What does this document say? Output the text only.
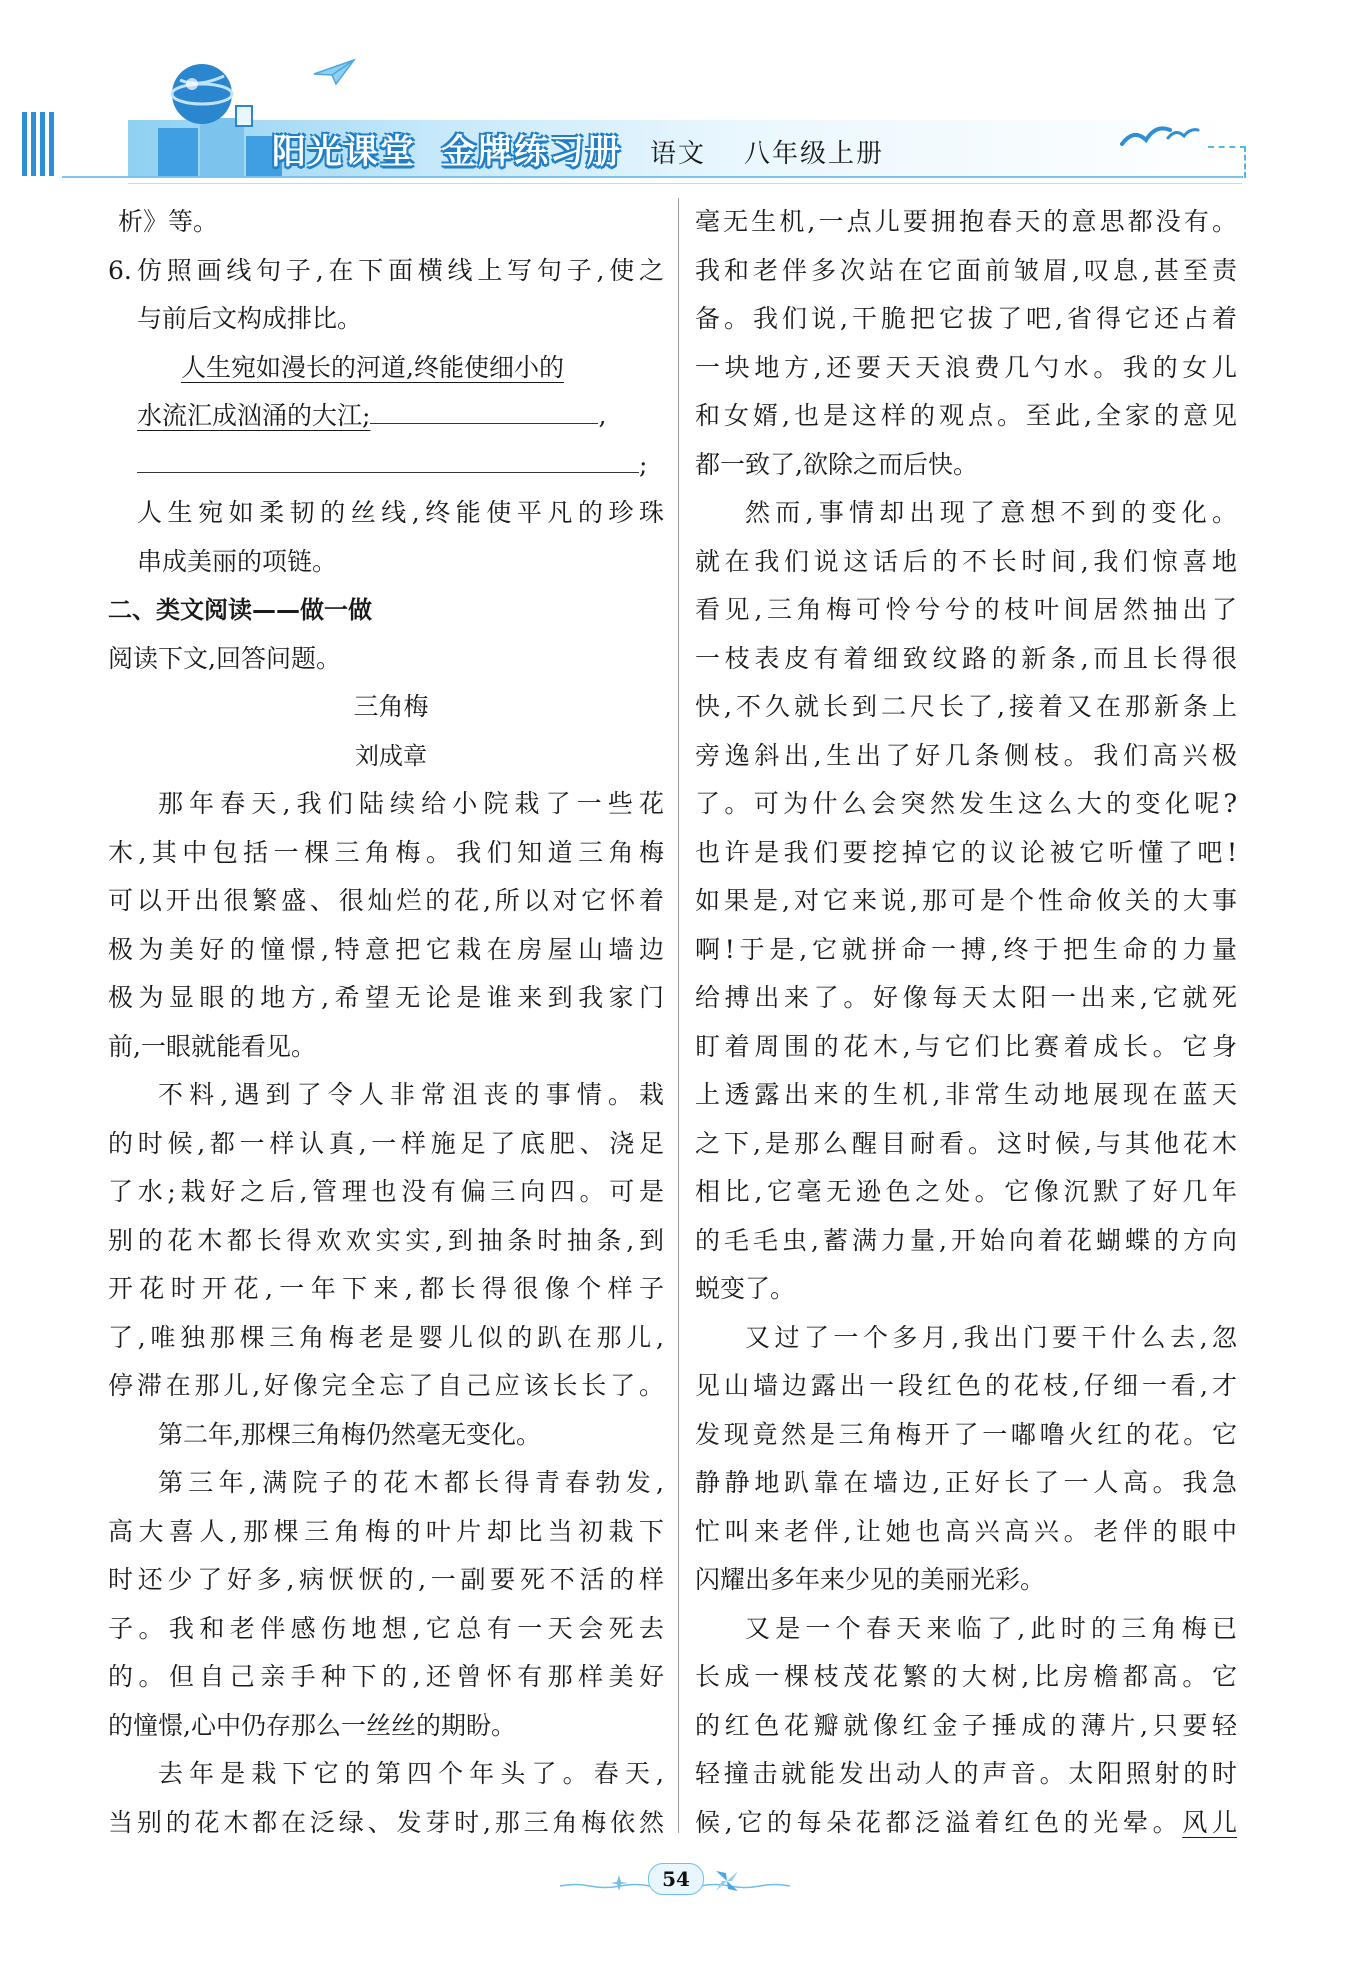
阳光课堂 金牌练习册 语文 八年级上册

析》等。

6. 仿照画线句子,在下面横线上写句子,使之

与前后文构成排比。

人生宛如漫长的河道,终能使细小的

水流汇成汹涌的大江;	,

;

人生宛如柔韧的丝线,终能使平凡的珍珠

串成美丽的项链。

二、类文阅读——做一做

阅读下文,回答问题。

三角梅

刘成章

那年春天,我们陆续给小院栽了一些花

木,其中包括一棵三角梅。我们知道三角梅

可以开出很繁盛、很灿烂的花,所以对它怀着

极为美好的憧憬,特意把它栽在房屋山墙边

极为显眼的地方,希望无论是谁来到我家门

前,一眼就能看见。

不料,遇到了令人非常沮丧的事情。栽

的时候,都一样认真,一样施足了底肥、浇足

了水;栽好之后,管理也没有偏三向四。可是

别的花木都长得欢欢实实,到抽条时抽条,到

开花时开花,一年下来,都长得很像个样子

了,唯独那棵三角梅老是婴儿似的趴在那儿,

停滞在那儿,好像完全忘了自己应该长长了。

第二年,那棵三角梅仍然毫无变化。

第三年,满院子的花木都长得青春勃发,

高大喜人,那棵三角梅的叶片却比当初栽下

时还少了好多,病恹恹的,一副要死不活的样

子。我和老伴感伤地想,它总有一天会死去

的。但自己亲手种下的,还曾怀有那样美好

的憧憬,心中仍存那么一丝丝的期盼。

去年是栽下它的第四个年头了。春天,

当别的花木都在泛绿、发芽时,那三角梅依然

毫无生机,一点儿要拥抱春天的意思都没有。

我和老伴多次站在它面前皱眉,叹息,甚至责

备。我们说,干脆把它拔了吧,省得它还占着

一块地方,还要天天浪费几勺水。我的女儿

和女婿,也是这样的观点。至此,全家的意见

都一致了,欲除之而后快。

然而,事情却出现了意想不到的变化。

就在我们说这话后的不长时间,我们惊喜地

看见,三角梅可怜兮兮的枝叶间居然抽出了

一枝表皮有着细致纹路的新条,而且长得很

快,不久就长到二尺长了,接着又在那新条上

旁逸斜出,生出了好几条侧枝。我们高兴极

了。可为什么会突然发生这么大的变化呢?

也许是我们要挖掉它的议论被它听懂了吧!

如果是,对它来说,那可是个性命攸关的大事

啊!于是,它就拼命一搏,终于把生命的力量

给搏出来了。好像每天太阳一出来,它就死

盯着周围的花木,与它们比赛着成长。它身

上透露出来的生机,非常生动地展现在蓝天

之下,是那么醒目耐看。这时候,与其他花木

相比,它毫无逊色之处。它像沉默了好几年

的毛毛虫,蓄满力量,开始向着花蝴蝶的方向

蜕变了。

又过了一个多月,我出门要干什么去,忽

见山墙边露出一段红色的花枝,仔细一看,才

发现竟然是三角梅开了一嘟噜火红的花。它

静静地趴靠在墙边,正好长了一人高。我急

忙叫来老伴,让她也高兴高兴。老伴的眼中

闪耀出多年来少见的美丽光彩。

又是一个春天来临了,此时的三角梅已

长成一棵枝茂花繁的大树,比房檐都高。它

的红色花瓣就像红金子捶成的薄片,只要轻

轻撞击就能发出动人的声音。太阳照射的时

候,它的每朵花都泛溢着红色的光晕。风儿

54
